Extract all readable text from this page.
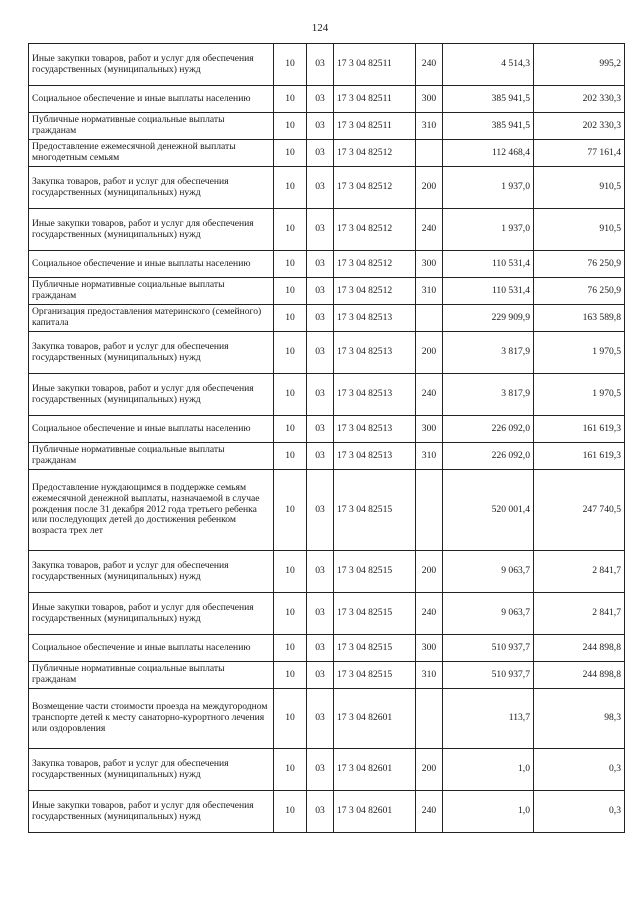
124
Иные закупки товаров, работ и услуг для обеспечения государственных (муниципальных) нужд	10	03	17 3 04 82511	240	4 514,3	995,2
Социальное обеспечение и иные выплаты населению	10	03	17 3 04 82511	300	385 941,5	202 330,3
Публичные нормативные социальные выплаты гражданам	10	03	17 3 04 82511	310	385 941,5	202 330,3
Предоставление ежемесячной денежной выплаты многодетным семьям	10	03	17 3 04 82512		112 468,4	77 161,4
Закупка товаров, работ и услуг для обеспечения государственных (муниципальных) нужд	10	03	17 3 04 82512	200	1 937,0	910,5
Иные закупки товаров, работ и услуг для обеспечения государственных (муниципальных) нужд	10	03	17 3 04 82512	240	1 937,0	910,5
Социальное обеспечение и иные выплаты населению	10	03	17 3 04 82512	300	110 531,4	76 250,9
Публичные нормативные социальные выплаты гражданам	10	03	17 3 04 82512	310	110 531,4	76 250,9
Организация предоставления материнского (семейного) капитала	10	03	17 3 04 82513		229 909,9	163 589,8
Закупка товаров, работ и услуг для обеспечения государственных (муниципальных) нужд	10	03	17 3 04 82513	200	3 817,9	1 970,5
Иные закупки товаров, работ и услуг для обеспечения государственных (муниципальных) нужд	10	03	17 3 04 82513	240	3 817,9	1 970,5
Социальное обеспечение и иные выплаты населению	10	03	17 3 04 82513	300	226 092,0	161 619,3
Публичные нормативные социальные выплаты гражданам	10	03	17 3 04 82513	310	226 092,0	161 619,3
Предоставление нуждающимся в поддержке семьям ежемесячной денежной выплаты, назначаемой в случае рождения после 31 декабря 2012 года третьего ребенка или последующих детей до достижения ребенком возраста трех лет	10	03	17 3 04 82515		520 001,4	247 740,5
Закупка товаров, работ и услуг для обеспечения государственных (муниципальных) нужд	10	03	17 3 04 82515	200	9 063,7	2 841,7
Иные закупки товаров, работ и услуг для обеспечения государственных (муниципальных) нужд	10	03	17 3 04 82515	240	9 063,7	2 841,7
Социальное обеспечение и иные выплаты населению	10	03	17 3 04 82515	300	510 937,7	244 898,8
Публичные нормативные социальные выплаты гражданам	10	03	17 3 04 82515	310	510 937,7	244 898,8
Возмещение части стоимости проезда на междугородном транспорте детей к месту санаторно-курортного лечения или оздоровления	10	03	17 3 04 82601		113,7	98,3
Закупка товаров, работ и услуг для обеспечения государственных (муниципальных) нужд	10	03	17 3 04 82601	200	1,0	0,3
Иные закупки товаров, работ и услуг для обеспечения государственных (муниципальных) нужд	10	03	17 3 04 82601	240	1,0	0,3
